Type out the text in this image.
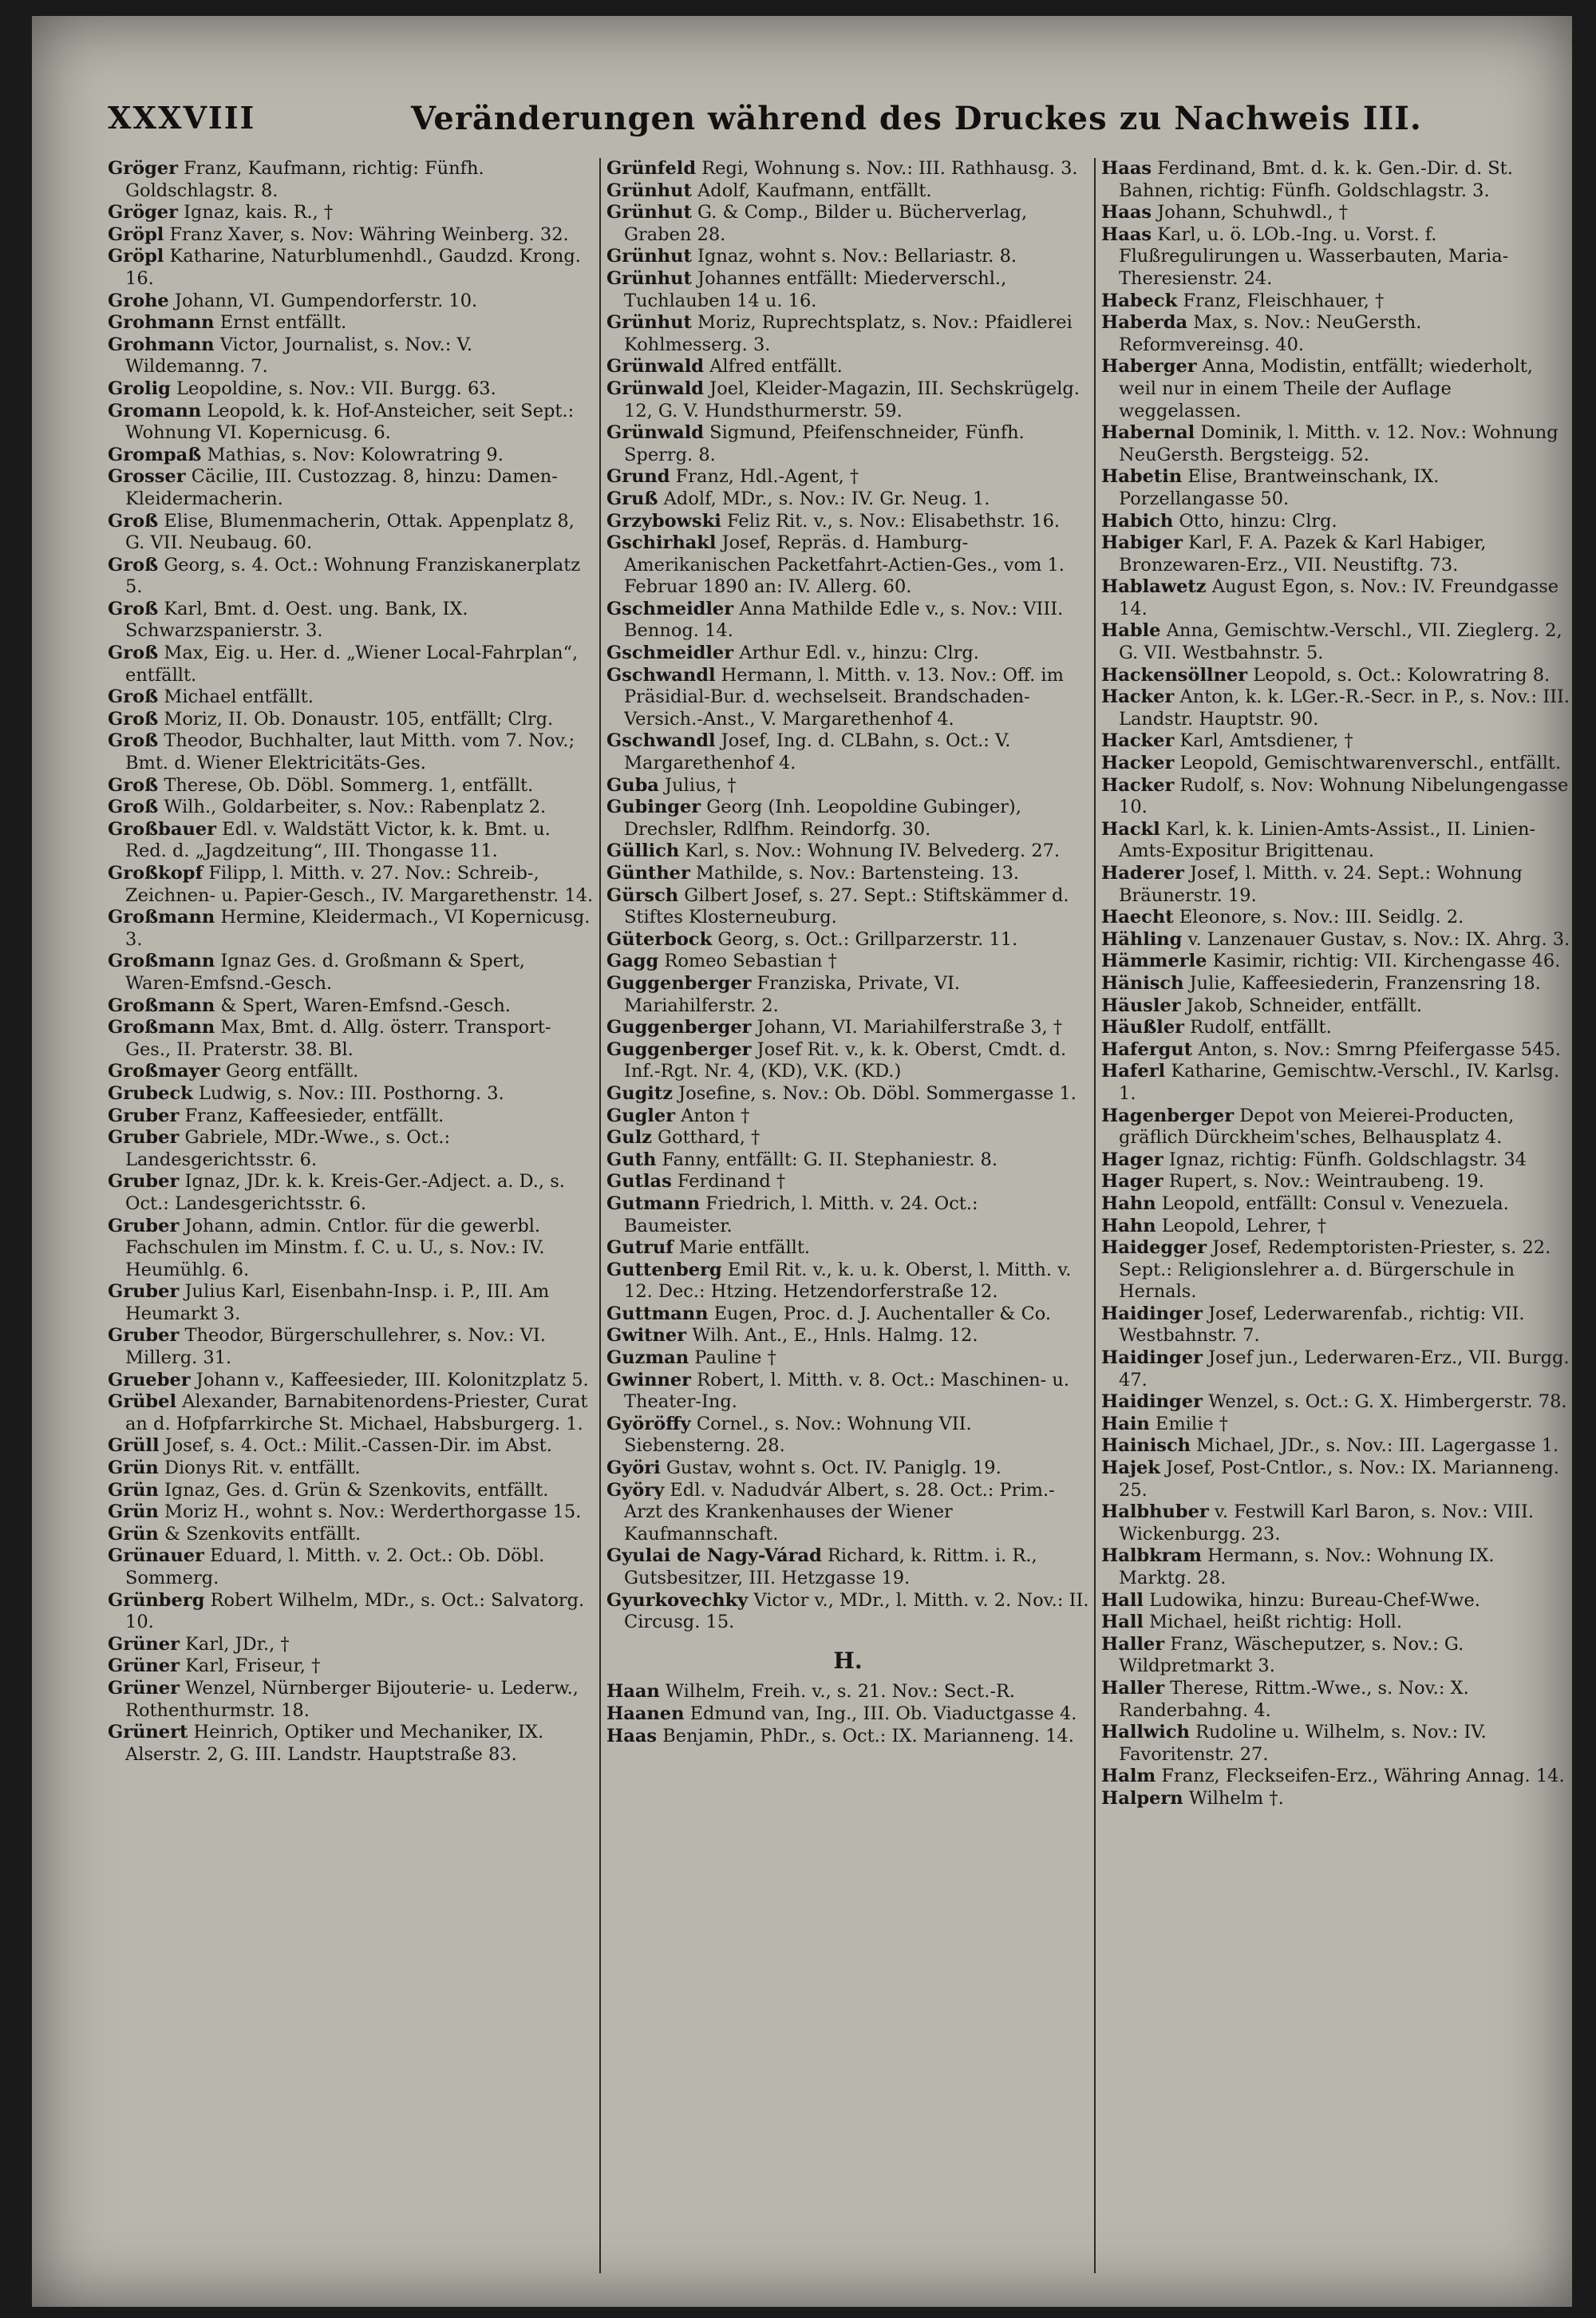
XXXVIII	Veränderungen während des Druckes zu Nachweis III.

Gröger Franz, Kaufmann, richtig: Fünfh. Goldschlagstr. 8.

Gröger Ignaz, kais. R., †

Gröpl Franz Xaver, s. Nov: Währing Weinberg. 32.

Gröpl Katharine, Naturblumenhdl., Gaudzd. Krong. 16.

Grohe Johann, VI. Gumpendorferstr. 10.

Grohmann Ernst entfällt.

Grohmann Victor, Journalist, s. Nov.: V. Wildemanng. 7.

Grolig Leopoldine, s. Nov.: VII. Burgg. 63.

Gromann Leopold, k. k. Hof-Ansteicher, seit Sept.: Wohnung VI. Kopernicusg. 6.

Grompaß Mathias, s. Nov: Kolowratring 9.

Grosser Cäcilie, III. Custozzag. 8, hinzu: Damen-Kleidermacherin.

Groß Elise, Blumenmacherin, Ottak. Appenplatz 8, G. VII. Neubaug. 60.

Groß Georg, s. 4. Oct.: Wohnung Franziskanerplatz 5.

Groß Karl, Bmt. d. Oest. ung. Bank, IX. Schwarzspanierstr. 3.

Groß Max, Eig. u. Her. d. „Wiener Local-Fahrplan“, entfällt.

Groß Michael entfällt.

Groß Moriz, II. Ob. Donaustr. 105, entfällt; Clrg.

Groß Theodor, Buchhalter, laut Mitth. vom 7. Nov.; Bmt. d. Wiener Elektricitäts-Ges.

Groß Therese, Ob. Döbl. Sommerg. 1, entfällt.

Groß Wilh., Goldarbeiter, s. Nov.: Rabenplatz 2.

Großbauer Edl. v. Waldstätt Victor, k. k. Bmt. u. Red. d. „Jagdzeitung“, III. Thongasse 11.

Großkopf Filipp, l. Mitth. v. 27. Nov.: Schreib-, Zeichnen- u. Papier-Gesch., IV. Margarethenstr. 14.

Großmann Hermine, Kleidermach., VI Kopernicusg. 3.

Großmann Ignaz Ges. d. Großmann & Spert, Waren-Emfsnd.-Gesch.

Großmann & Spert, Waren-Emfsnd.-Gesch.

Großmann Max, Bmt. d. Allg. österr. Transport-Ges., II. Praterstr. 38. Bl.

Großmayer Georg entfällt.

Grubeck Ludwig, s. Nov.: III. Posthorng. 3.

Gruber Franz, Kaffeesieder, entfällt.

Gruber Gabriele, MDr.-Wwe., s. Oct.: Landesgerichtsstr. 6.

Gruber Ignaz, JDr. k. k. Kreis-Ger.-Adject. a. D., s. Oct.: Landesgerichtsstr. 6.

Gruber Johann, admin. Cntlor. für die gewerbl. Fachschulen im Minstm. f. C. u. U., s. Nov.: IV. Heumühlg. 6.

Gruber Julius Karl, Eisenbahn-Insp. i. P., III. Am Heumarkt 3.

Gruber Theodor, Bürgerschullehrer, s. Nov.: VI. Millerg. 31.

Grueber Johann v., Kaffeesieder, III. Kolonitzplatz 5.

Grübel Alexander, Barnabitenordens-Priester, Curat an d. Hofpfarrkirche St. Michael, Habsburgerg. 1.

Grüll Josef, s. 4. Oct.: Milit.-Cassen-Dir. im Abst.

Grün Dionys Rit. v. entfällt.

Grün Ignaz, Ges. d. Grün & Szenkovits, entfällt.

Grün Moriz H., wohnt s. Nov.: Werderthorgasse 15.

Grün & Szenkovits entfällt.

Grünauer Eduard, l. Mitth. v. 2. Oct.: Ob. Döbl. Sommerg.

Grünberg Robert Wilhelm, MDr., s. Oct.: Salvatorg. 10.

Grüner Karl, JDr., †

Grüner Karl, Friseur, †

Grüner Wenzel, Nürnberger Bijouterie- u. Lederw., Rothenthurmstr. 18.

Grünert Heinrich, Optiker und Mechaniker, IX. Alserstr. 2, G. III. Landstr. Hauptstraße 83.

Grünfeld Regi, Wohnung s. Nov.: III. Rathhausg. 3.

Grünhut Adolf, Kaufmann, entfällt.

Grünhut G. & Comp., Bilder u. Bücherverlag, Graben 28.

Grünhut Ignaz, wohnt s. Nov.: Bellariastr. 8.

Grünhut Johannes entfällt: Miederverschl., Tuchlauben 14 u. 16.

Grünhut Moriz, Ruprechtsplatz, s. Nov.: Pfaidlerei Kohlmesserg. 3.

Grünwald Alfred entfällt.

Grünwald Joel, Kleider-Magazin, III. Sechskrügelg. 12, G. V. Hundsthurmerstr. 59.

Grünwald Sigmund, Pfeifenschneider, Fünfh. Sperrg. 8.

Grund Franz, Hdl.-Agent, †

Gruß Adolf, MDr., s. Nov.: IV. Gr. Neug. 1.

Grzybowski Feliz Rit. v., s. Nov.: Elisabethstr. 16.

Gschirhakl Josef, Repräs. d. Hamburg-Amerikanischen Packetfahrt-Actien-Ges., vom 1. Februar 1890 an: IV. Allerg. 60.

Gschmeidler Anna Mathilde Edle v., s. Nov.: VIII. Bennog. 14.

Gschmeidler Arthur Edl. v., hinzu: Clrg.

Gschwandl Hermann, l. Mitth. v. 13. Nov.: Off. im Präsidial-Bur. d. wechselseit. Brandschaden-Versich.-Anst., V. Margarethenhof 4.

Gschwandl Josef, Ing. d. CLBahn, s. Oct.: V. Margarethenhof 4.

Guba Julius, †

Gubinger Georg (Inh. Leopoldine Gubinger), Drechsler, Rdlfhm. Reindorfg. 30.

Güllich Karl, s. Nov.: Wohnung IV. Belvederg. 27.

Günther Mathilde, s. Nov.: Bartensteing. 13.

Gürsch Gilbert Josef, s. 27. Sept.: Stiftskämmer d. Stiftes Klosterneuburg.

Güterbock Georg, s. Oct.: Grillparzerstr. 11.

Gagg Romeo Sebastian †

Guggenberger Franziska, Private, VI. Mariahilferstr. 2.

Guggenberger Johann, VI. Mariahilferstraße 3, †

Guggenberger Josef Rit. v., k. k. Oberst, Cmdt. d. Inf.-Rgt. Nr. 4, (KD), V.K. (KD.)

Gugitz Josefine, s. Nov.: Ob. Döbl. Sommergasse 1.

Gugler Anton †

Gulz Gotthard, †

Guth Fanny, entfällt: G. II. Stephaniestr. 8.

Gutlas Ferdinand †

Gutmann Friedrich, l. Mitth. v. 24. Oct.: Baumeister.

Gutruf Marie entfällt.

Guttenberg Emil Rit. v., k. u. k. Oberst, l. Mitth. v. 12. Dec.: Htzing. Hetzendorferstraße 12.

Guttmann Eugen, Proc. d. J. Auchentaller & Co.

Gwitner Wilh. Ant., E., Hnls. Halmg. 12.

Guzman Pauline †

Gwinner Robert, l. Mitth. v. 8. Oct.: Maschinen- u. Theater-Ing.

Györöffy Cornel., s. Nov.: Wohnung VII. Siebensterng. 28.

Györi Gustav, wohnt s. Oct. IV. Paniglg. 19.

Györy Edl. v. Nadudvár Albert, s. 28. Oct.: Prim.-Arzt des Krankenhauses der Wiener Kaufmannschaft.

Gyulai de Nagy-Várad Richard, k. Rittm. i. R., Gutsbesitzer, III. Hetzgasse 19.

Gyurkovechky Victor v., MDr., l. Mitth. v. 2. Nov.: II. Circusg. 15.

H.

Haan Wilhelm, Freih. v., s. 21. Nov.: Sect.-R.

Haanen Edmund van, Ing., III. Ob. Viaductgasse 4.

Haas Benjamin, PhDr., s. Oct.: IX. Marianneng. 14.

Haas Ferdinand, Bmt. d. k. k. Gen.-Dir. d. St. Bahnen, richtig: Fünfh. Goldschlagstr. 3.

Haas Johann, Schuhwdl., †

Haas Karl, u. ö. LOb.-Ing. u. Vorst. f. Flußregulirungen u. Wasserbauten, Maria-Theresienstr. 24.

Habeck Franz, Fleischhauer, †

Haberda Max, s. Nov.: NeuGersth. Reformvereinsg. 40.

Haberger Anna, Modistin, entfällt; wiederholt, weil nur in einem Theile der Auflage weggelassen.

Habernal Dominik, l. Mitth. v. 12. Nov.: Wohnung NeuGersth. Bergsteigg. 52.

Habetin Elise, Brantweinschank, IX. Porzellangasse 50.

Habich Otto, hinzu: Clrg.

Habiger Karl, F. A. Pazek & Karl Habiger, Bronzewaren-Erz., VII. Neustiftg. 73.

Hablawetz August Egon, s. Nov.: IV. Freundgasse 14.

Hable Anna, Gemischtw.-Verschl., VII. Zieglerg. 2, G. VII. Westbahnstr. 5.

Hackensöllner Leopold, s. Oct.: Kolowratring 8.

Hacker Anton, k. k. LGer.-R.-Secr. in P., s. Nov.: III. Landstr. Hauptstr. 90.

Hacker Karl, Amtsdiener, †

Hacker Leopold, Gemischtwarenverschl., entfällt.

Hacker Rudolf, s. Nov: Wohnung Nibelungengasse 10.

Hackl Karl, k. k. Linien-Amts-Assist., II. Linien-Amts-Expositur Brigittenau.

Haderer Josef, l. Mitth. v. 24. Sept.: Wohnung Bräunerstr. 19.

Haecht Eleonore, s. Nov.: III. Seidlg. 2.

Hähling v. Lanzenauer Gustav, s. Nov.: IX. Ahrg. 3.

Hämmerle Kasimir, richtig: VII. Kirchengasse 46.

Hänisch Julie, Kaffeesiederin, Franzensring 18.

Häusler Jakob, Schneider, entfällt.

Häußler Rudolf, entfällt.

Hafergut Anton, s. Nov.: Smrng Pfeifergasse 545.

Haferl Katharine, Gemischtw.-Verschl., IV. Karlsg. 1.

Hagenberger Depot von Meierei-Producten, gräflich Dürckheim'sches, Belhausplatz 4.

Hager Ignaz, richtig: Fünfh. Goldschlagstr. 34

Hager Rupert, s. Nov.: Weintraubeng. 19.

Hahn Leopold, entfällt: Consul v. Venezuela.

Hahn Leopold, Lehrer, †

Haidegger Josef, Redemptoristen-Priester, s. 22. Sept.: Religionslehrer a. d. Bürgerschule in Hernals.

Haidinger Josef, Lederwarenfab., richtig: VII. Westbahnstr. 7.

Haidinger Josef jun., Lederwaren-Erz., VII. Burgg. 47.

Haidinger Wenzel, s. Oct.: G. X. Himbergerstr. 78.

Hain Emilie †

Hainisch Michael, JDr., s. Nov.: III. Lagergasse 1.

Hajek Josef, Post-Cntlor., s. Nov.: IX. Marianneng. 25.

Halbhuber v. Festwill Karl Baron, s. Nov.: VIII. Wickenburgg. 23.

Halbkram Hermann, s. Nov.: Wohnung IX. Marktg. 28.

Hall Ludowika, hinzu: Bureau-Chef-Wwe.

Hall Michael, heißt richtig: Holl.

Haller Franz, Wäscheputzer, s. Nov.: G. Wildpretmarkt 3.

Haller Therese, Rittm.-Wwe., s. Nov.: X. Randerbahng. 4.

Hallwich Rudoline u. Wilhelm, s. Nov.: IV. Favoritenstr. 27.

Halm Franz, Fleckseifen-Erz., Währing Annag. 14.

Halpern Wilhelm †.
